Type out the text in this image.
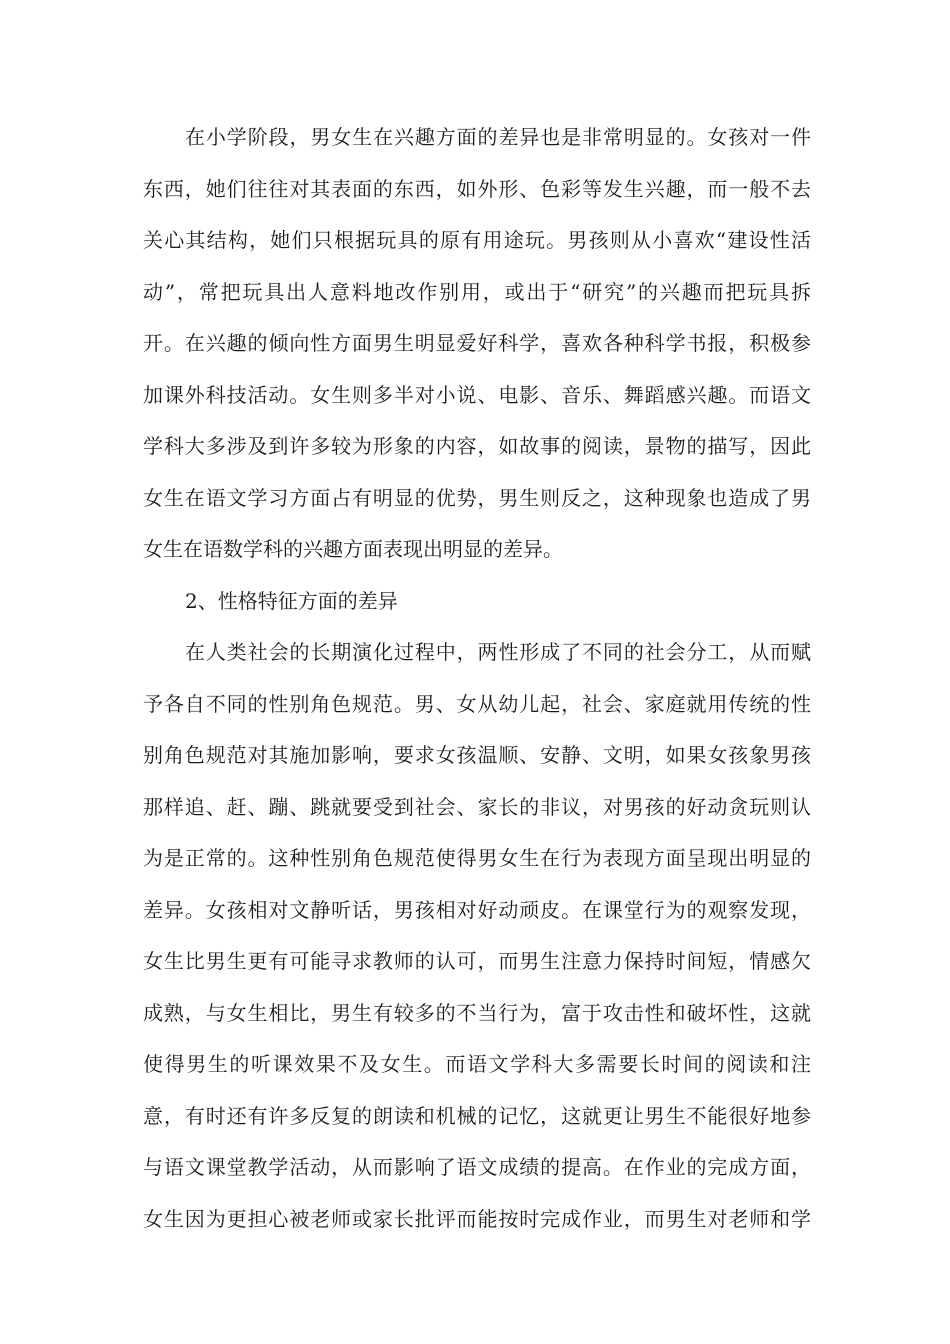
在小学阶段，男女生在兴趣方面的差异也是非常明显的。女孩对一件
东西，她们往往对其表面的东西，如外形、色彩等发生兴趣，而一般不去
关心其结构，她们只根据玩具的原有用途玩。男孩则从小喜欢“建设性活
动”，常把玩具出人意料地改作别用，或出于“研究”的兴趣而把玩具拆
开。在兴趣的倾向性方面男生明显爱好科学，喜欢各种科学书报，积极参
加课外科技活动。女生则多半对小说、电影、音乐、舞蹈感兴趣。而语文
学科大多涉及到许多较为形象的内容，如故事的阅读，景物的描写，因此
女生在语文学习方面占有明显的优势，男生则反之，这种现象也造成了男
女生在语数学科的兴趣方面表现出明显的差异。
2、性格特征方面的差异
在人类社会的长期演化过程中，两性形成了不同的社会分工，从而赋
予各自不同的性别角色规范。男、女从幼儿起，社会、家庭就用传统的性
别角色规范对其施加影响，要求女孩温顺、安静、文明，如果女孩象男孩
那样追、赶、蹦、跳就要受到社会、家长的非议，对男孩的好动贪玩则认
为是正常的。这种性别角色规范使得男女生在行为表现方面呈现出明显的
差异。女孩相对文静听话，男孩相对好动顽皮。在课堂行为的观察发现，
女生比男生更有可能寻求教师的认可，而男生注意力保持时间短，情感欠
成熟，与女生相比，男生有较多的不当行为，富于攻击性和破坏性，这就
使得男生的听课效果不及女生。而语文学科大多需要长时间的阅读和注
意，有时还有许多反复的朗读和机械的记忆，这就更让男生不能很好地参
与语文课堂教学活动，从而影响了语文成绩的提高。在作业的完成方面，
女生因为更担心被老师或家长批评而能按时完成作业，而男生对老师和学
